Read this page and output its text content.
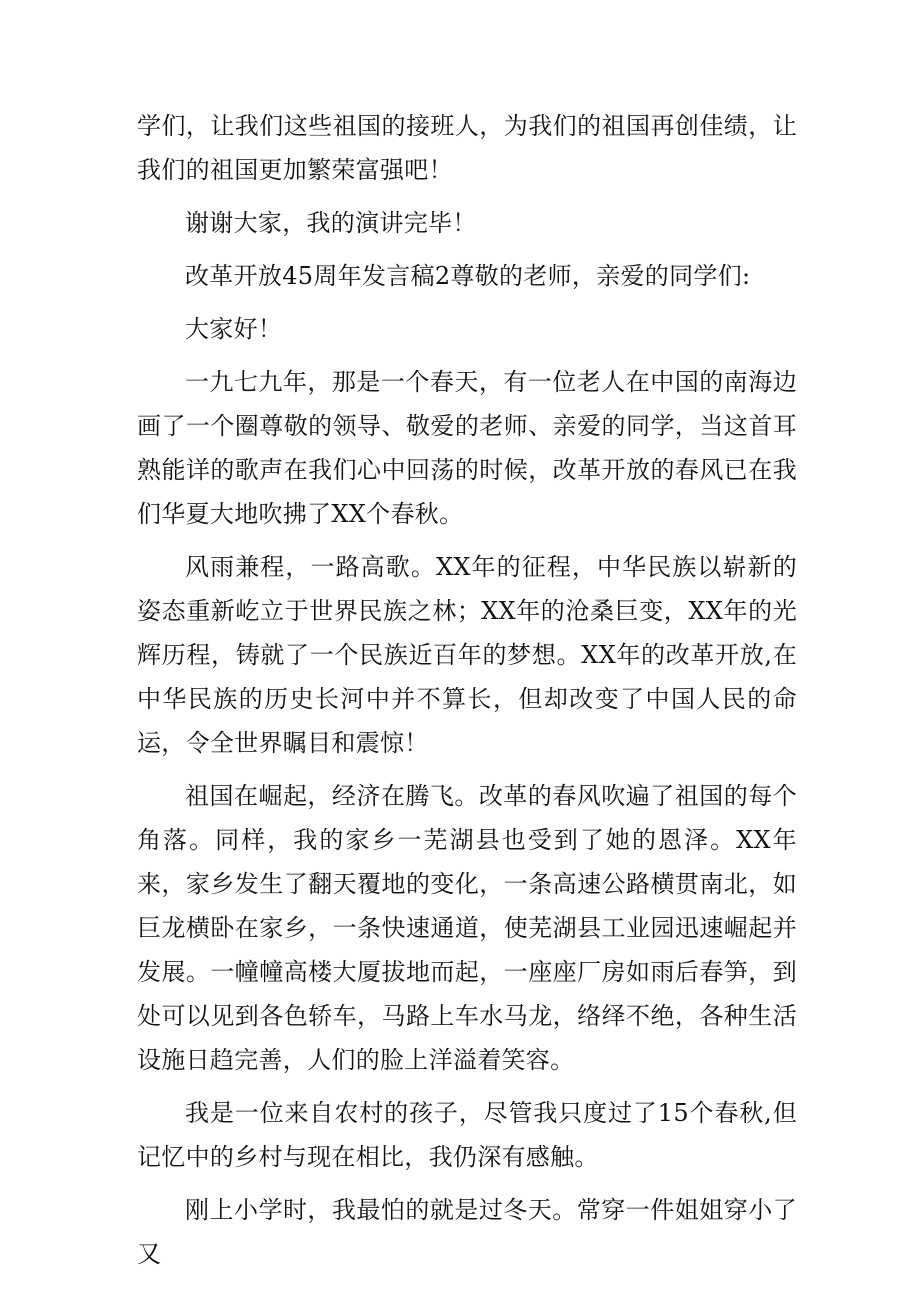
学们，让我们这些祖国的接班人，为我们的祖国再创佳绩，让我们的祖国更加繁荣富强吧！

谢谢大家，我的演讲完毕！

改革开放45周年发言稿2尊敬的老师，亲爱的同学们:

大家好！

一九七九年，那是一个春天，有一位老人在中国的南海边画了一个圈尊敬的领导、敬爱的老师、亲爱的同学，当这首耳熟能详的歌声在我们心中回荡的时候，改革开放的春风已在我们华夏大地吹拂了XX个春秋。

风雨兼程，一路高歌。XX年的征程，中华民族以崭新的姿态重新屹立于世界民族之林；XX年的沧桑巨变，XX年的光辉历程，铸就了一个民族近百年的梦想。XX年的改革开放,在中华民族的历史长河中并不算长，但却改变了中国人民的命运，令全世界瞩目和震惊！

祖国在崛起，经济在腾飞。改革的春风吹遍了祖国的每个角落。同样，我的家乡一芜湖县也受到了她的恩泽。XX年来，家乡发生了翻天覆地的变化，一条高速公路横贯南北，如巨龙横卧在家乡，一条快速通道，使芜湖县工业园迅速崛起并发展。一幢幢高楼大厦拔地而起，一座座厂房如雨后春笋，到处可以见到各色轿车，马路上车水马龙，络绎不绝，各种生活设施日趋完善，人们的脸上洋溢着笑容。

我是一位来自农村的孩子，尽管我只度过了15个春秋,但记忆中的乡村与现在相比，我仍深有感触。

刚上小学时，我最怕的就是过冬天。常穿一件姐姐穿小了又
